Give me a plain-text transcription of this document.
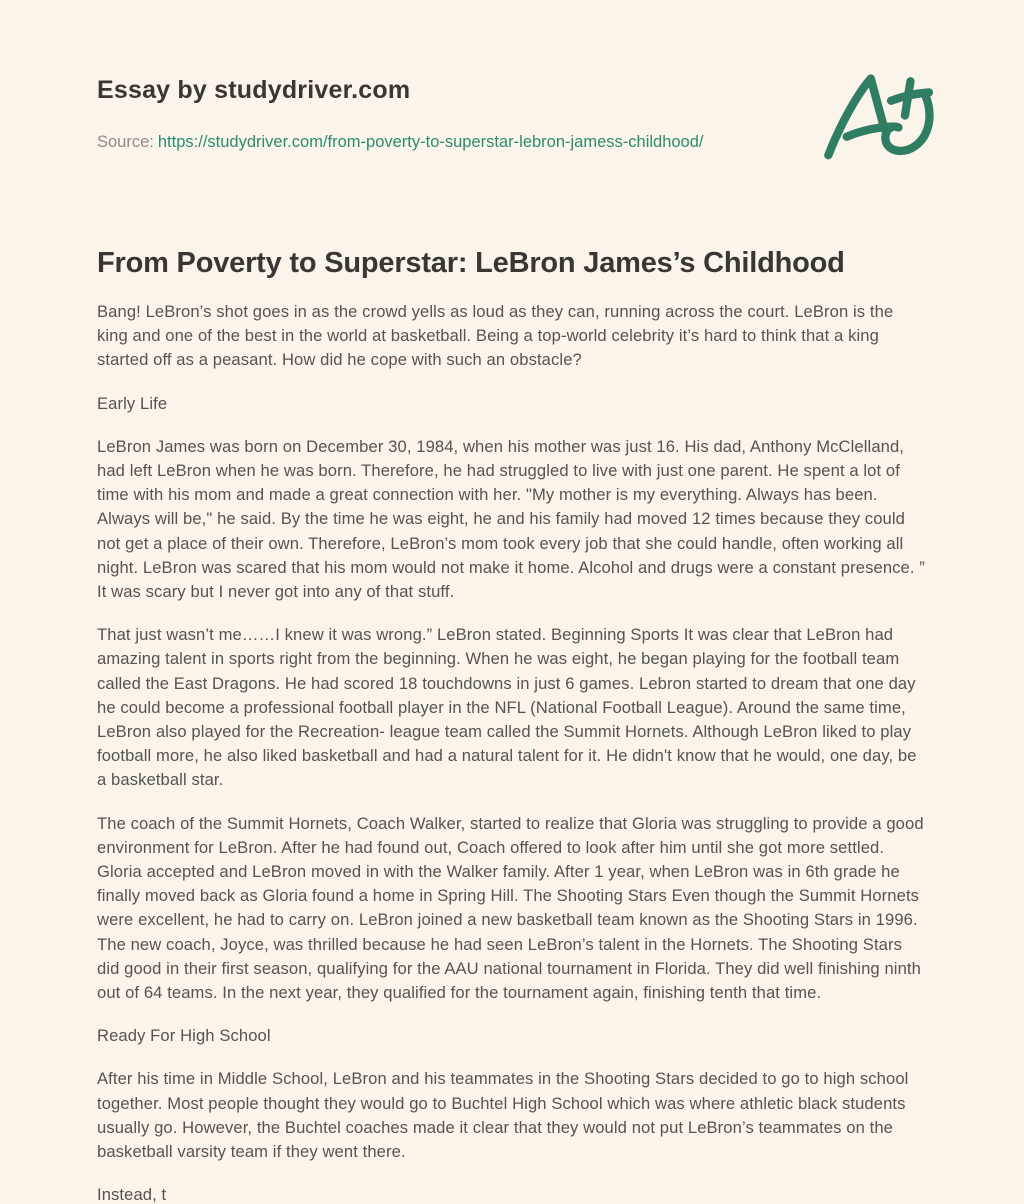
Essay by studydriver.com
Source: https://studydriver.com/from-poverty-to-superstar-lebron-jamess-childhood/
From Poverty to Superstar: LeBron James’s Childhood

Bang! LeBron’s shot goes in as the crowd yells as loud as they can, running across the court. LeBron is the king and one of the best in the world at basketball. Being a top-world celebrity it’s hard to think that a king started off as a peasant. How did he cope with such an obstacle?

Early Life

LeBron James was born on December 30, 1984, when his mother was just 16. His dad, Anthony McClelland, had left LeBron when he was born. Therefore, he had struggled to live with just one parent. He spent a lot of time with his mom and made a great connection with her. "My mother is my everything. Always has been. Always will be," he said. By the time he was eight, he and his family had moved 12 times because they could not get a place of their own. Therefore, LeBron’s mom took every job that she could handle, often working all night. LeBron was scared that his mom would not make it home. Alcohol and drugs were a constant presence. ” It was scary but I never got into any of that stuff.

That just wasn’t me……I knew it was wrong.” LeBron stated. Beginning Sports It was clear that LeBron had amazing talent in sports right from the beginning. When he was eight, he began playing for the football team called the East Dragons. He had scored 18 touchdowns in just 6 games. Lebron started to dream that one day he could become a professional football player in the NFL (National Football League). Around the same time, LeBron also played for the Recreation- league team called the Summit Hornets. Although LeBron liked to play football more, he also liked basketball and had a natural talent for it. He didn't know that he would, one day, be a basketball star.

The coach of the Summit Hornets, Coach Walker, started to realize that Gloria was struggling to provide a good environment for LeBron. After he had found out, Coach offered to look after him until she got more settled. Gloria accepted and LeBron moved in with the Walker family. After 1 year, when LeBron was in 6th grade he finally moved back as Gloria found a home in Spring Hill. The Shooting Stars Even though the Summit Hornets were excellent, he had to carry on. LeBron joined a new basketball team known as the Shooting Stars in 1996. The new coach, Joyce, was thrilled because he had seen LeBron’s talent in the Hornets. The Shooting Stars did good in their first season, qualifying for the AAU national tournament in Florida. They did well finishing ninth out of 64 teams. In the next year, they qualified for the tournament again, finishing tenth that time.

Ready For High School

After his time in Middle School, LeBron and his teammates in the Shooting Stars decided to go to high school together. Most people thought they would go to Buchtel High School which was where athletic black students usually go. However, the Buchtel coaches made it clear that they would not put LeBron’s teammates on the basketball varsity team if they went there.

Instead, t
